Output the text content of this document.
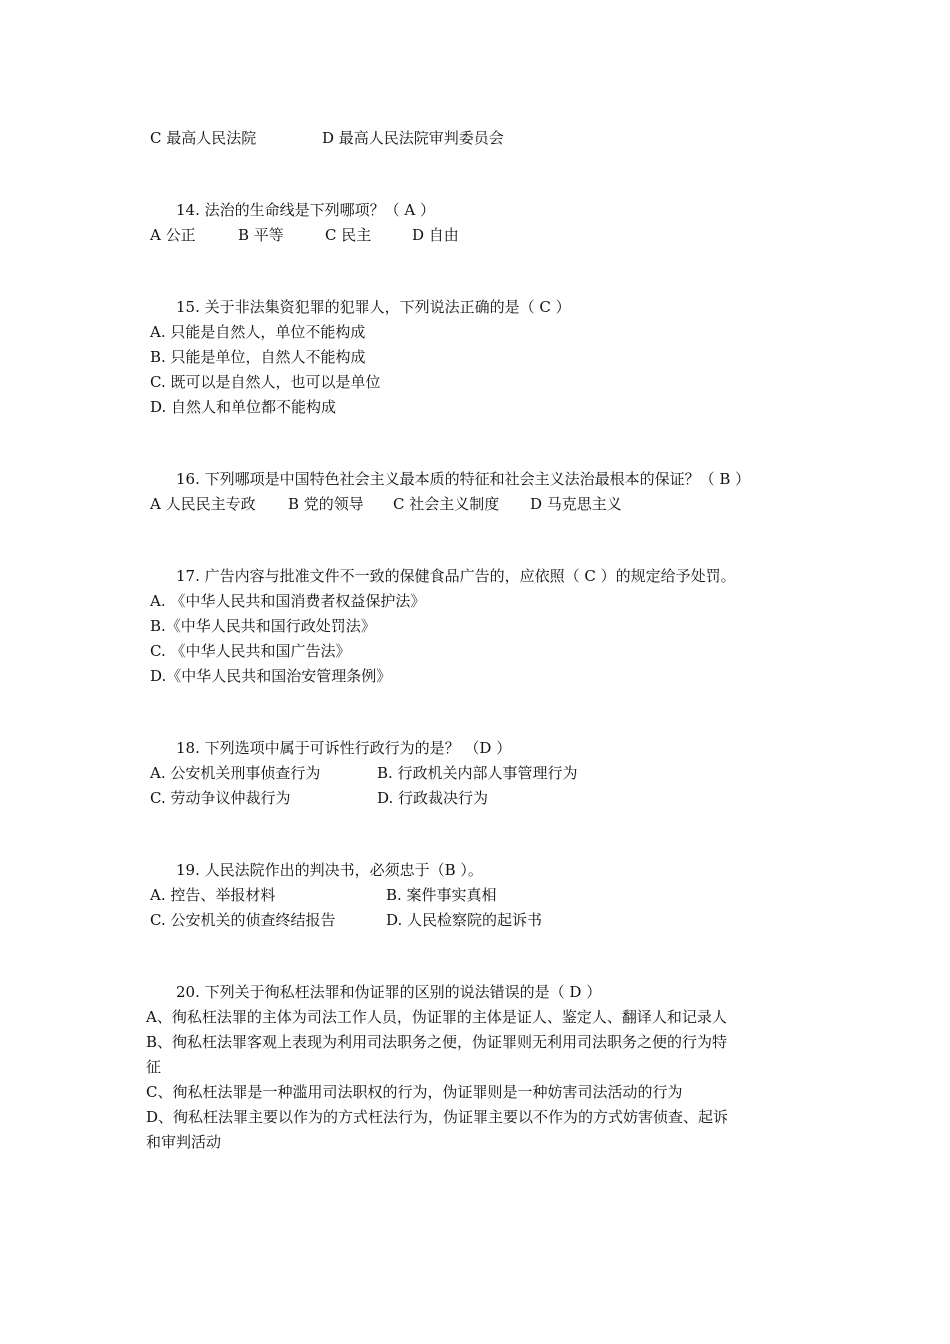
C 最高人民法院	D 最高人民法院审判委员会
14. 法治的生命线是下列哪项？（ A ）
A 公正	B 平等	C 民主	D 自由
15. 关于非法集资犯罪的犯罪人，下列说法正确的是（ C ）
A. 只能是自然人，单位不能构成
B. 只能是单位，自然人不能构成
C. 既可以是自然人，也可以是单位
D. 自然人和单位都不能构成
16. 下列哪项是中国特色社会主义最本质的特征和社会主义法治最根本的保证？（ B ）
A 人民民主专政 B 党的领导 C 社会主义制度 D 马克思主义
17. 广告内容与批准文件不一致的保健食品广告的，应依照（ C ）的规定给予处罚。
A. 《中华人民共和国消费者权益保护法》
B.《中华人民共和国行政处罚法》
C. 《中华人民共和国广告法》
D.《中华人民共和国治安管理条例》
18. 下列选项中属于可诉性行政行为的是？ （D ）
A. 公安机关刑事侦查行为	B. 行政机关内部人事管理行为
C. 劳动争议仲裁行为	D. 行政裁决行为
19. 人民法院作出的判决书，必须忠于（B ）。
A. 控告、举报材料	B. 案件事实真相
C. 公安机关的侦查终结报告	D. 人民检察院的起诉书
20. 下列关于徇私枉法罪和伪证罪的区别的说法错误的是（ D ）
A、徇私枉法罪的主体为司法工作人员，伪证罪的主体是证人、鉴定人、翻译人和记录人
B、徇私枉法罪客观上表现为利用司法职务之便，伪证罪则无利用司法职务之便的行为特
征
C、徇私枉法罪是一种滥用司法职权的行为，伪证罪则是一种妨害司法活动的行为
D、徇私枉法罪主要以作为的方式枉法行为，伪证罪主要以不作为的方式妨害侦查、起诉
和审判活动
